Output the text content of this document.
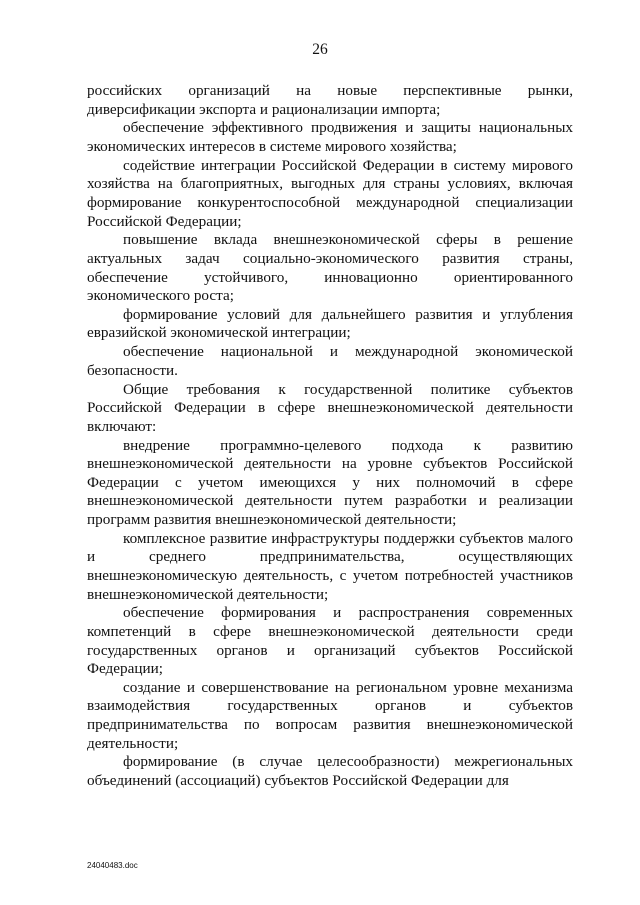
26

российских организаций на новые перспективные рынки, диверсификации экспорта и рационализации импорта;

обеспечение эффективного продвижения и защиты национальных экономических интересов в системе мирового хозяйства;

содействие интеграции Российской Федерации в систему мирового хозяйства на благоприятных, выгодных для страны условиях, включая формирование конкурентоспособной международной специализации Российской Федерации;

повышение вклада внешнеэкономической сферы в решение актуальных задач социально-экономического развития страны, обеспечение устойчивого, инновационно ориентированного экономического роста;

формирование условий для дальнейшего развития и углубления евразийской экономической интеграции;

обеспечение национальной и международной экономической безопасности.

Общие требования к государственной политике субъектов Российской Федерации в сфере внешнеэкономической деятельности включают:

внедрение программно-целевого подхода к развитию внешнеэкономической деятельности на уровне субъектов Российской Федерации с учетом имеющихся у них полномочий в сфере внешнеэкономической деятельности путем разработки и реализации программ развития внешнеэкономической деятельности;

комплексное развитие инфраструктуры поддержки субъектов малого и среднего предпринимательства, осуществляющих внешнеэкономическую деятельность, с учетом потребностей участников внешнеэкономической деятельности;

обеспечение формирования и распространения современных компетенций в сфере внешнеэкономической деятельности среди государственных органов и организаций субъектов Российской Федерации;

создание и совершенствование на региональном уровне механизма взаимодействия государственных органов и субъектов предпринимательства по вопросам развития внешнеэкономической деятельности;

формирование (в случае целесообразности) межрегиональных объединений (ассоциаций) субъектов Российской Федерации для

24040483.doc
